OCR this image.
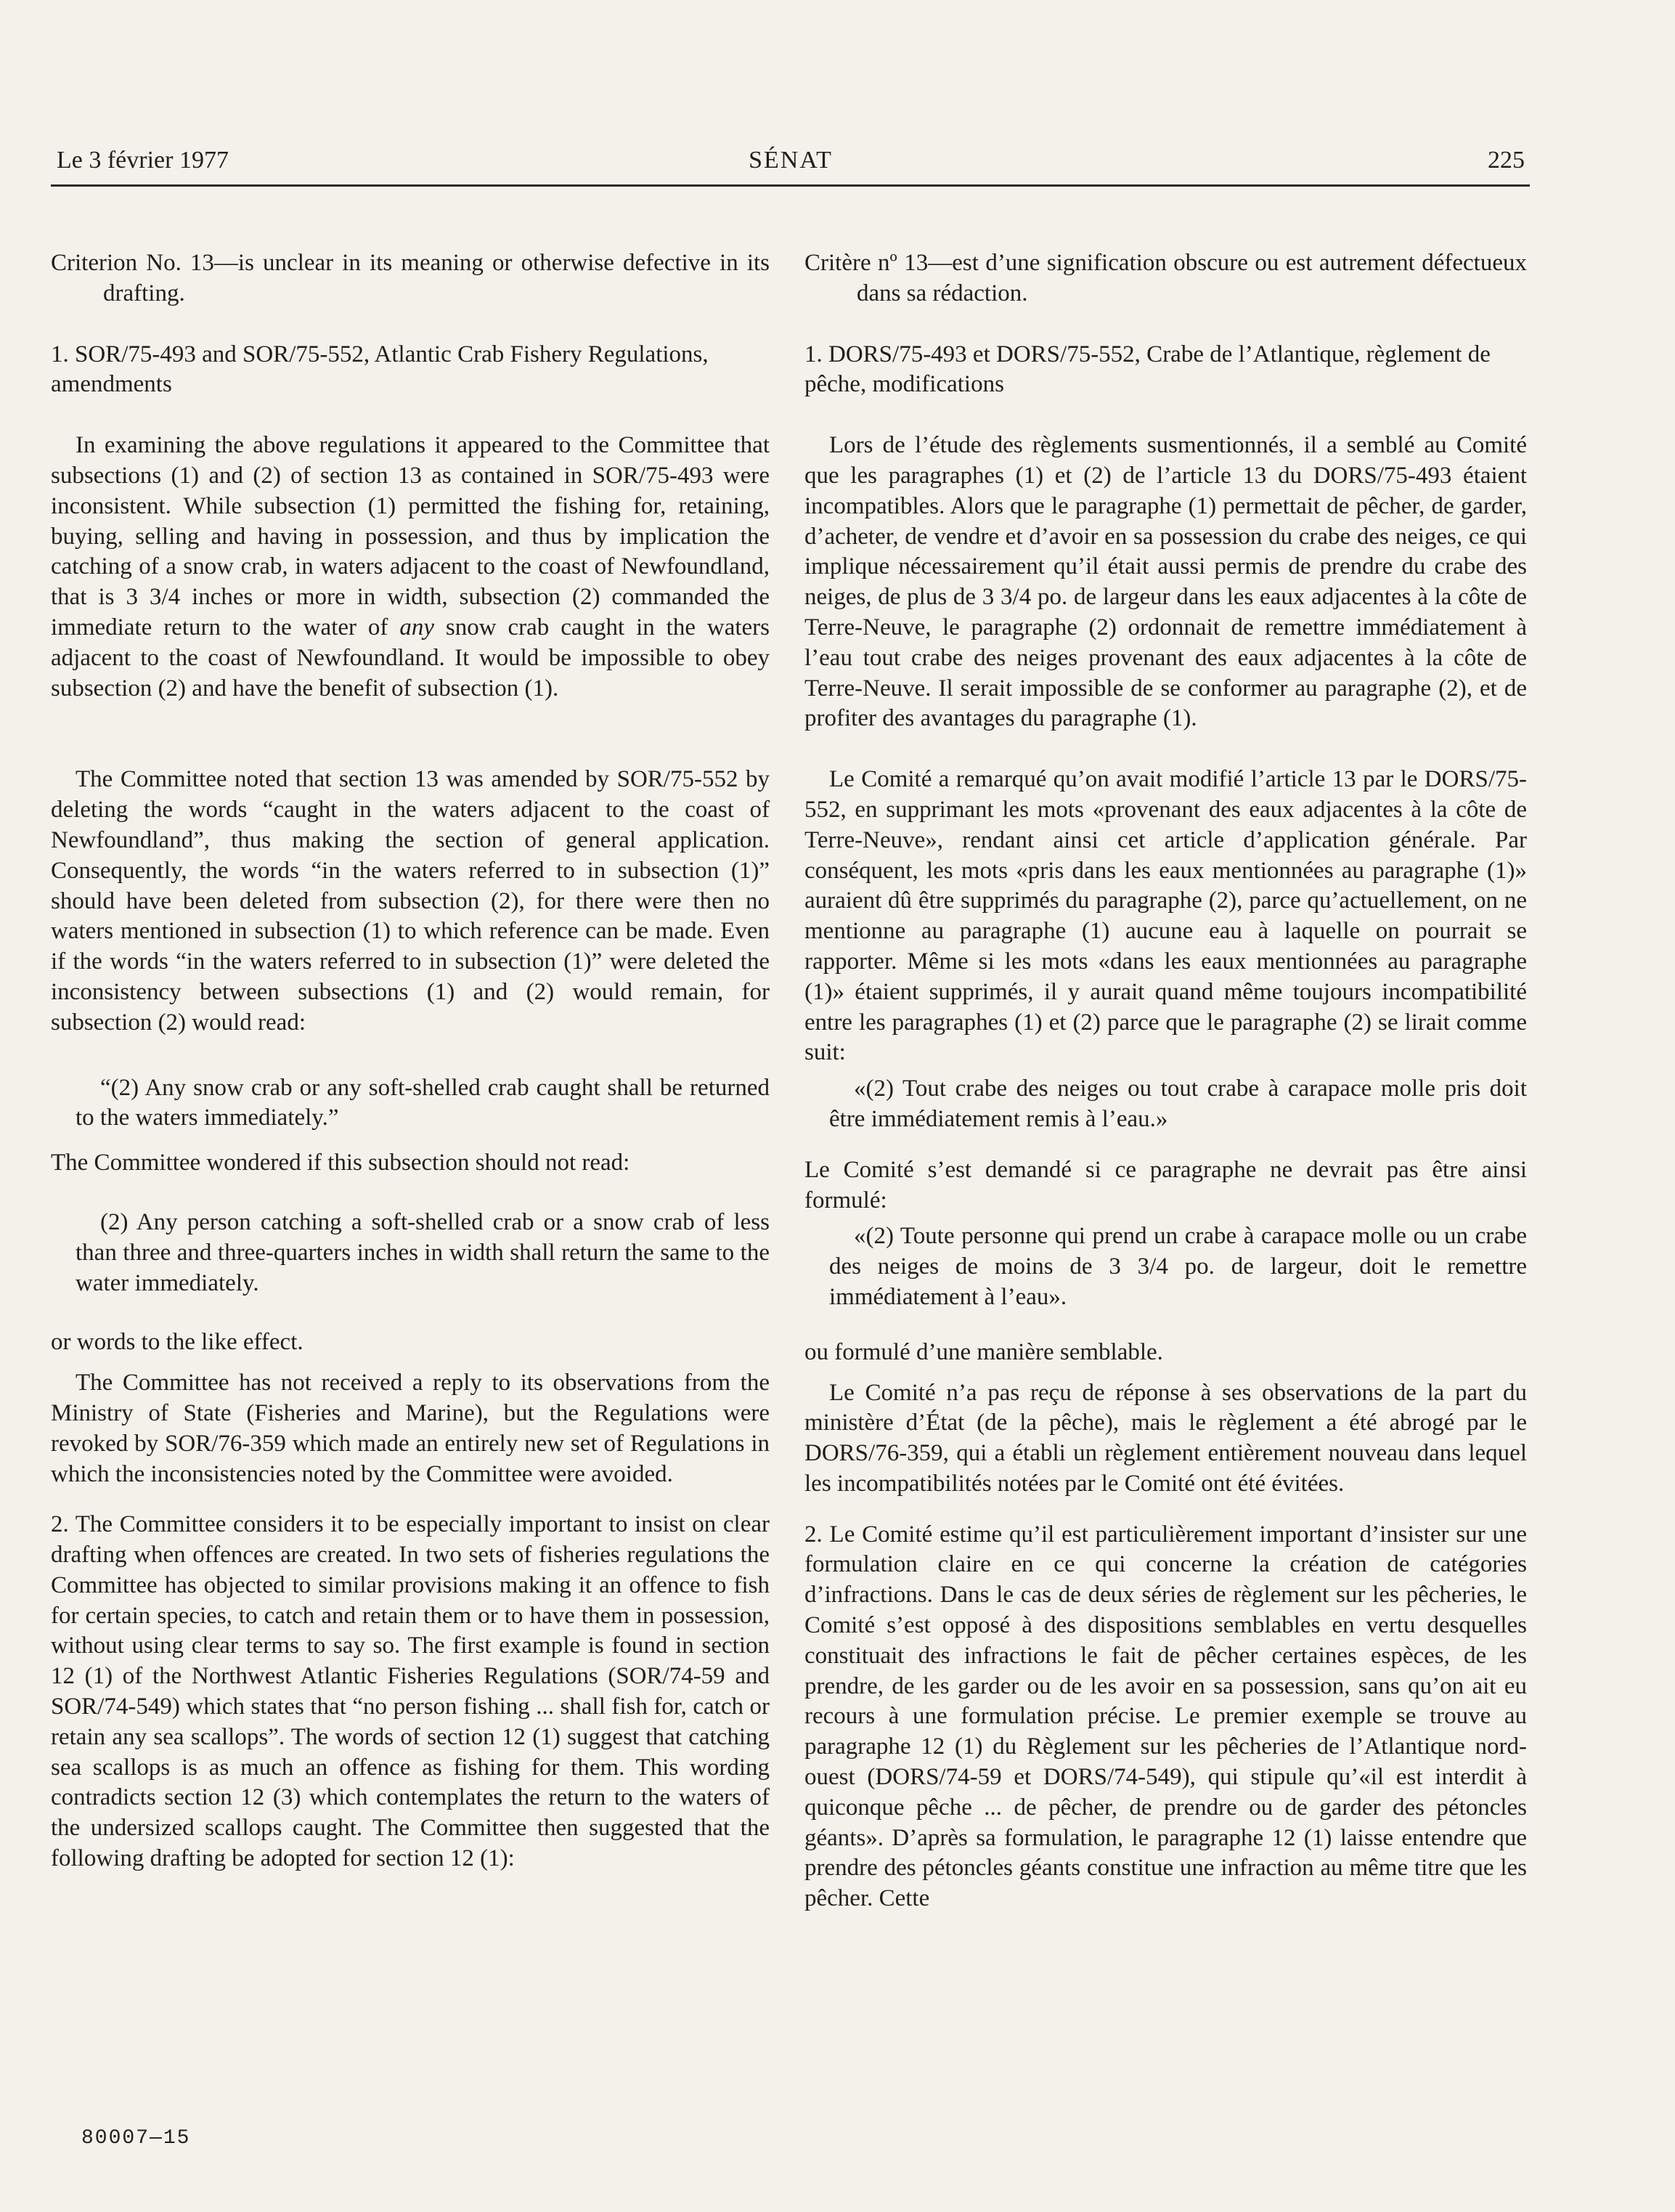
Le 3 février 1977	SÉNAT	225

Criterion No. 13—is unclear in its meaning or otherwise defective in its drafting.

1. SOR/75-493 and SOR/75-552, Atlantic Crab Fishery Regulations, amendments

In examining the above regulations it appeared to the Committee that subsections (1) and (2) of section 13 as contained in SOR/75-493 were inconsistent. While subsection (1) permitted the fishing for, retaining, buying, selling and having in possession, and thus by implication the catching of a snow crab, in waters adjacent to the coast of Newfoundland, that is 3 3/4 inches or more in width, subsection (2) commanded the immediate return to the water of any snow crab caught in the waters adjacent to the coast of Newfoundland. It would be impossible to obey subsection (2) and have the benefit of subsection (1).

The Committee noted that section 13 was amended by SOR/75-552 by deleting the words “caught in the waters adjacent to the coast of Newfoundland”, thus making the section of general application. Consequently, the words “in the waters referred to in subsection (1)” should have been deleted from subsection (2), for there were then no waters mentioned in subsection (1) to which reference can be made. Even if the words “in the waters referred to in subsection (1)” were deleted the inconsistency between subsections (1) and (2) would remain, for subsection (2) would read:

“(2) Any snow crab or any soft-shelled crab caught shall be returned to the waters immediately.”

The Committee wondered if this subsection should not read:

(2) Any person catching a soft-shelled crab or a snow crab of less than three and three-quarters inches in width shall return the same to the water immediately.

or words to the like effect.

The Committee has not received a reply to its observations from the Ministry of State (Fisheries and Marine), but the Regulations were revoked by SOR/76-359 which made an entirely new set of Regulations in which the inconsistencies noted by the Committee were avoided.

2. The Committee considers it to be especially important to insist on clear drafting when offences are created. In two sets of fisheries regulations the Committee has objected to similar provisions making it an offence to fish for certain species, to catch and retain them or to have them in possession, without using clear terms to say so. The first example is found in section 12 (1) of the Northwest Atlantic Fisheries Regulations (SOR/74-59 and SOR/74-549) which states that “no person fishing ... shall fish for, catch or retain any sea scallops”. The words of section 12 (1) suggest that catching sea scallops is as much an offence as fishing for them. This wording contradicts section 12 (3) which contemplates the return to the waters of the undersized scallops caught. The Committee then suggested that the following drafting be adopted for section 12 (1):

Critère nº 13—est d’une signification obscure ou est autrement défectueux dans sa rédaction.

1. DORS/75-493 et DORS/75-552, Crabe de l’Atlantique, règlement de pêche, modifications

Lors de l’étude des règlements susmentionnés, il a semblé au Comité que les paragraphes (1) et (2) de l’article 13 du DORS/75-493 étaient incompatibles. Alors que le paragraphe (1) permettait de pêcher, de garder, d’acheter, de vendre et d’avoir en sa possession du crabe des neiges, ce qui implique nécessairement qu’il était aussi permis de prendre du crabe des neiges, de plus de 3 3/4 po. de largeur dans les eaux adjacentes à la côte de Terre-Neuve, le paragraphe (2) ordonnait de remettre immédiatement à l’eau tout crabe des neiges provenant des eaux adjacentes à la côte de Terre-Neuve. Il serait impossible de se conformer au paragraphe (2), et de profiter des avantages du paragraphe (1).

Le Comité a remarqué qu’on avait modifié l’article 13 par le DORS/75-552, en supprimant les mots «provenant des eaux adjacentes à la côte de Terre-Neuve», rendant ainsi cet article d’application générale. Par conséquent, les mots «pris dans les eaux mentionnées au paragraphe (1)» auraient dû être supprimés du paragraphe (2), parce qu’actuellement, on ne mentionne au paragraphe (1) aucune eau à laquelle on pourrait se rapporter. Même si les mots «dans les eaux mentionnées au paragraphe (1)» étaient supprimés, il y aurait quand même toujours incompatibilité entre les paragraphes (1) et (2) parce que le paragraphe (2) se lirait comme suit:

«(2) Tout crabe des neiges ou tout crabe à carapace molle pris doit être immédiatement remis à l’eau.»

Le Comité s’est demandé si ce paragraphe ne devrait pas être ainsi formulé:

«(2) Toute personne qui prend un crabe à carapace molle ou un crabe des neiges de moins de 3 3/4 po. de largeur, doit le remettre immédiatement à l’eau».

ou formulé d’une manière semblable.

Le Comité n’a pas reçu de réponse à ses observations de la part du ministère d’État (de la pêche), mais le règlement a été abrogé par le DORS/76-359, qui a établi un règlement entièrement nouveau dans lequel les incompatibilités notées par le Comité ont été évitées.

2. Le Comité estime qu’il est particulièrement important d’insister sur une formulation claire en ce qui concerne la création de catégories d’infractions. Dans le cas de deux séries de règlement sur les pêcheries, le Comité s’est opposé à des dispositions semblables en vertu desquelles constituait des infractions le fait de pêcher certaines espèces, de les prendre, de les garder ou de les avoir en sa possession, sans qu’on ait eu recours à une formulation précise. Le premier exemple se trouve au paragraphe 12 (1) du Règlement sur les pêcheries de l’Atlantique nord-ouest (DORS/74-59 et DORS/74-549), qui stipule qu’«il est interdit à quiconque pêche ... de pêcher, de prendre ou de garder des pétoncles géants». D’après sa formulation, le paragraphe 12 (1) laisse entendre que prendre des pétoncles géants constitue une infraction au même titre que les pêcher. Cette

80007—15
